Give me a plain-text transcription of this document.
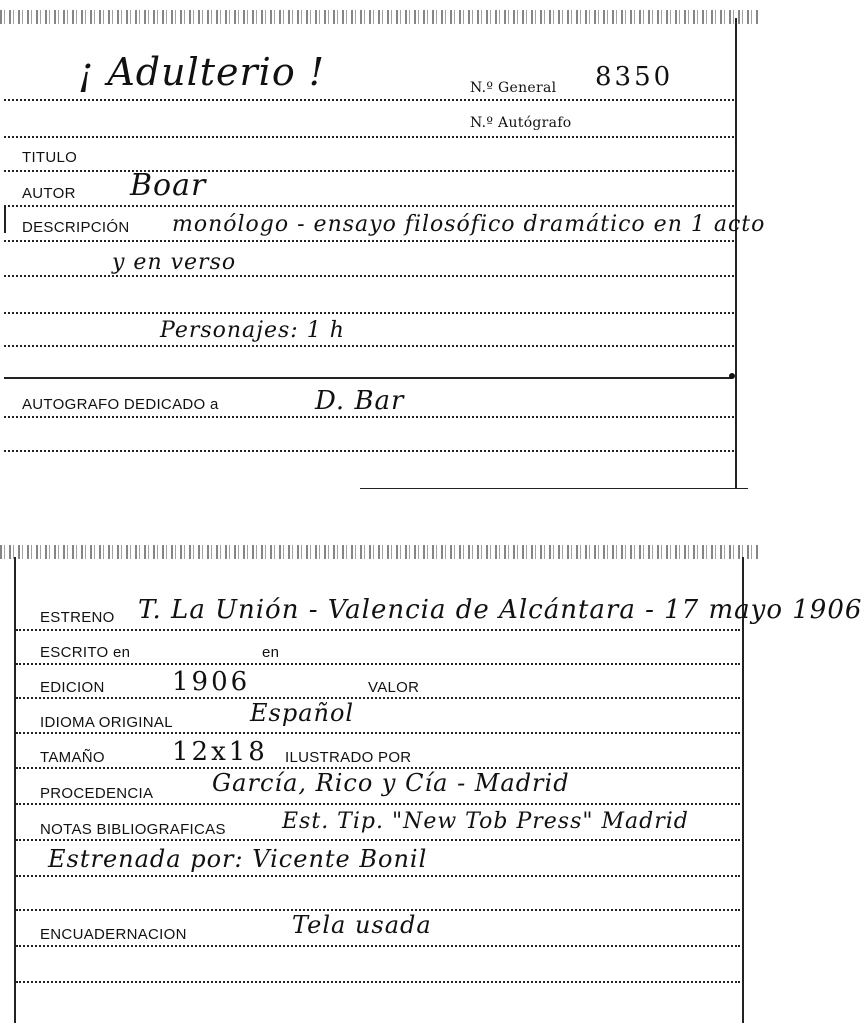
¡ Adulterio !	N.º General 8350
N.º Autógrafo
TITULO
AUTOR Boar
DESCRIPCIÓN monólogo - ensayo filosófico dramático en 1 acto
y en verso
Personajes: 1 h
AUTOGRAFO DEDICADO a	D. Bar
ESTRENO T. La Unión - Valencia de Alcántara - 17 mayo 1906
ESCRITO en	en
EDICION	1906	VALOR
IDIOMA ORIGINAL	Español
TAMAÑO	12x18 ILUSTRADO POR
PROCEDENCIA García, Rico y Cía - Madrid
NOTAS BIBLIOGRAFICAS	Est. Tip. "New Tob Press" Madrid
Estrenada por: Vicente Bonil
ENCUADERNACION	Tela usada
